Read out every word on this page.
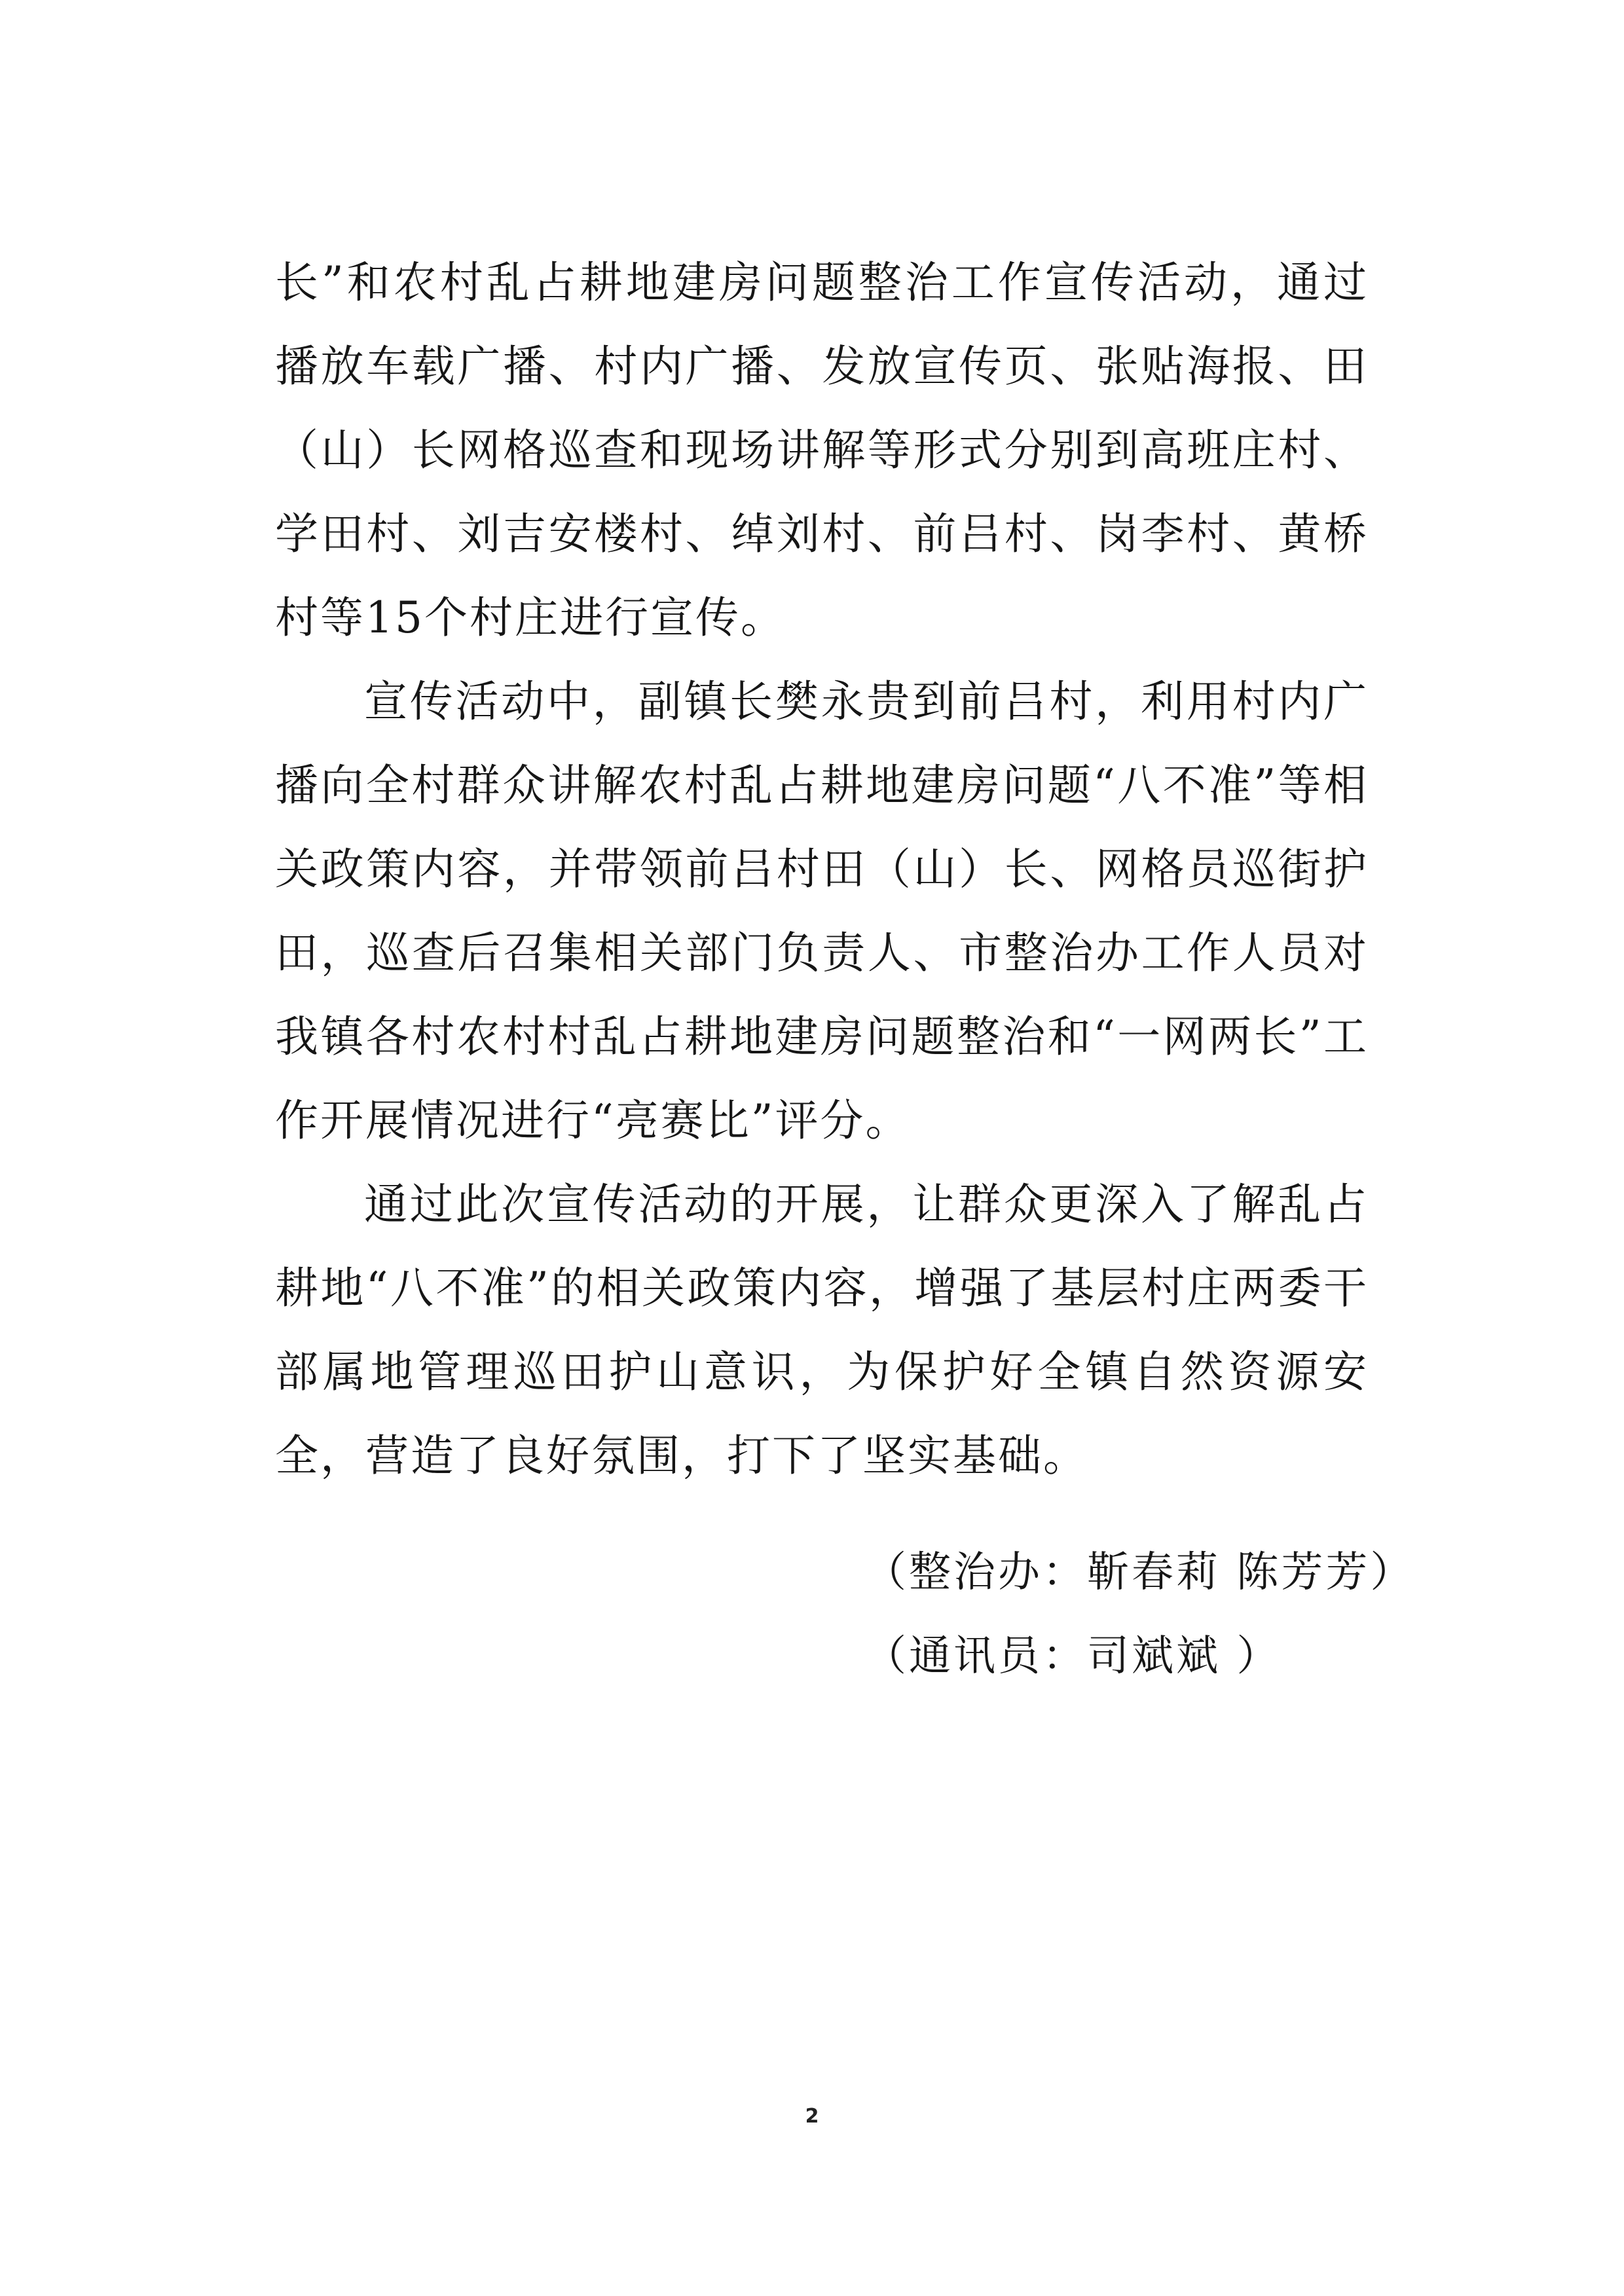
长”和农村乱占耕地建房问题整治工作宣传活动，通过播放车载广播、村内广播、发放宣传页、张贴海报、田（山）长网格巡查和现场讲解等形式分别到高班庄村、学田村、刘吉安楼村、绰刘村、前吕村、岗李村、黄桥村等15个村庄进行宣传。

宣传活动中，副镇长樊永贵到前吕村，利用村内广播向全村群众讲解农村乱占耕地建房问题“八不准”等相关政策内容，并带领前吕村田（山）长、网格员巡街护田，巡查后召集相关部门负责人、市整治办工作人员对我镇各村农村村乱占耕地建房问题整治和“一网两长”工作开展情况进行“亮赛比”评分。

通过此次宣传活动的开展，让群众更深入了解乱占耕地“八不准”的相关政策内容，增强了基层村庄两委干部属地管理巡田护山意识，为保护好全镇自然资源安全，营造了良好氛围，打下了坚实基础。

（整治办：靳春莉 陈芳芳）

（通讯员：司斌斌 ）

2
